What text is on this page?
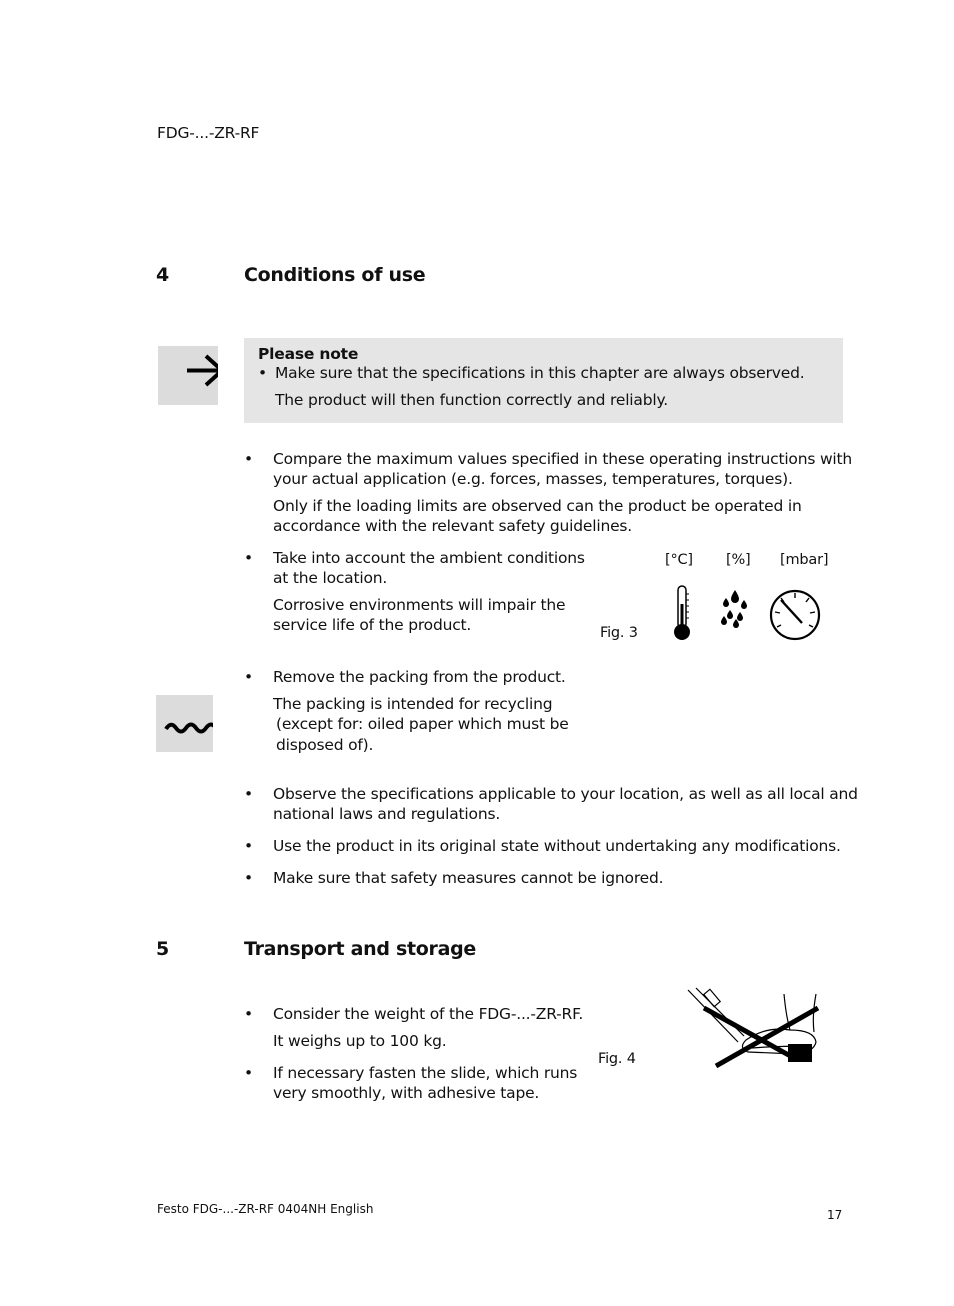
FDG-...-ZR-RF
4	Conditions of use
Please note
• Make sure that the specifications in this chapter are always observed.
The product will then function correctly and reliably.
• Compare the maximum values specified in these operating instructions with
your actual application (e.g. forces, masses, temperatures, torques).
Only if the loading limits are observed can the product be operated in
accordance with the relevant safety guidelines.
• Take into account the ambient conditions
at the location.
Corrosive environments will impair the
service life of the product.	Fig. 3
[°C] [%] [mbar]
• Remove the packing from the product.
The packing is intended for recycling
(except for: oiled paper which must be
disposed of).
• Observe the specifications applicable to your location, as well as all local and
national laws and regulations.
• Use the product in its original state without undertaking any modifications.
• Make sure that safety measures cannot be ignored.
5	Transport and storage
• Consider the weight of the FDG-...-ZR-RF.
It weighs up to 100 kg.
• If necessary fasten the slide, which runs
very smoothly, with adhesive tape.
Fig. 4
Festo FDG-...-ZR-RF 0404NH English	17
